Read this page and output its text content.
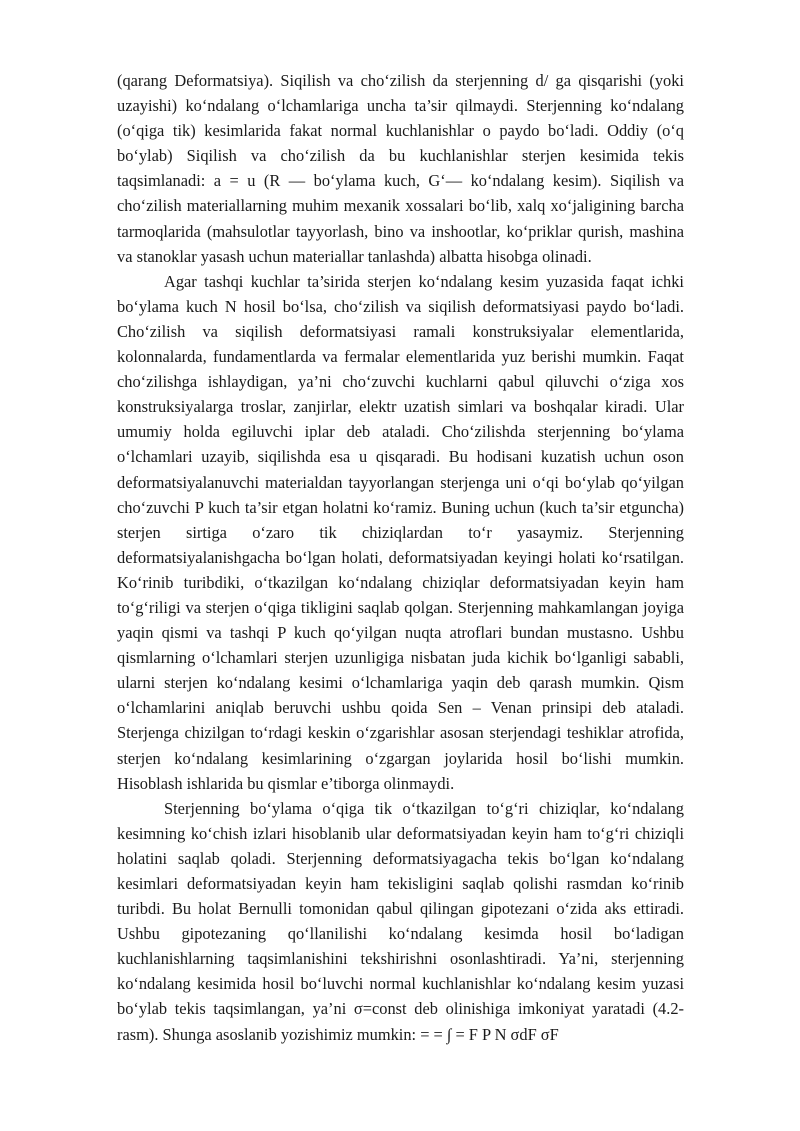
(qarang Deformatsiya). Siqilish va cho‘zilish da sterjenning d/ ga qisqarishi (yoki uzayishi) ko‘ndalang o‘lchamlariga uncha ta’sir qilmaydi. Sterjenning ko‘ndalang (o‘qiga tik) kesimlarida fakat normal kuchlanishlar o paydo bo‘ladi. Oddiy (o‘q bo‘ylab) Siqilish va cho‘zilish da bu kuchlanishlar sterjen kesimida tekis taqsimlanadi: a = u (R — bo‘ylama kuch, G‘— ko‘ndalang kesim). Siqilish va cho‘zilish materiallarning muhim mexanik xossalari bo‘lib, xalq xo‘jaligining barcha tarmoqlarida (mahsulotlar tayyorlash, bino va inshootlar, ko‘priklar qurish, mashina va stanoklar yasash uchun materiallar tanlashda) albatta hisobga olinadi.

Agar tashqi kuchlar ta’sirida sterjen ko‘ndalang kesim yuzasida faqat ichki bo‘ylama kuch N hosil bo‘lsa, cho‘zilish va siqilish deformatsiyasi paydo bo‘ladi. Cho‘zilish va siqilish deformatsiyasi ramali konstruksiyalar elementlarida, kolonnalarda, fundamentlarda va fermalar elementlarida yuz berishi mumkin. Faqat cho‘zilishga ishlaydigan, ya’ni cho‘zuvchi kuchlarni qabul qiluvchi o‘ziga xos konstruksiyalarga troslar, zanjirlar, elektr uzatish simlari va boshqalar kiradi. Ular umumiy holda egiluvchi iplar deb ataladi. Cho‘zilishda sterjenning bo‘ylama o‘lchamlari uzayib, siqilishda esa u qisqaradi. Bu hodisani kuzatish uchun oson deformatsiyalanuvchi materialdan tayyorlangan sterjenga uni o‘qi bo‘ylab qo‘yilgan cho‘zuvchi P kuch ta’sir etgan holatni ko‘ramiz. Buning uchun (kuch ta’sir etguncha) sterjen sirtiga o‘zaro tik chiziqlardan to‘r yasaymiz. Sterjenning deformatsiyalanishgacha bo‘lgan holati, deformatsiyadan keyingi holati ko‘rsatilgan. Ko‘rinib turibdiki, o‘tkazilgan ko‘ndalang chiziqlar deformatsiyadan keyin ham to‘g‘riligi va sterjen o‘qiga tikligini saqlab qolgan. Sterjenning mahkamlangan joyiga yaqin qismi va tashqi P kuch qo‘yilgan nuqta atroflari bundan mustasno. Ushbu qismlarning o‘lchamlari sterjen uzunligiga nisbatan juda kichik bo‘lganligi sababli, ularni sterjen ko‘ndalang kesimi o‘lchamlariga yaqin deb qarash mumkin. Qism o‘lchamlarini aniqlab beruvchi ushbu qoida Sen – Venan prinsipi deb ataladi. Sterjenga chizilgan to‘rdagi keskin o‘zgarishlar asosan sterjendagi teshiklar atrofida, sterjen ko‘ndalang kesimlarining o‘zgargan joylarida hosil bo‘lishi mumkin. Hisoblash ishlarida bu qismlar e’tiborga olinmaydi.

Sterjenning bo‘ylama o‘qiga tik o‘tkazilgan to‘g‘ri chiziqlar, ko‘ndalang kesimning ko‘chish izlari hisoblanib ular deformatsiyadan keyin ham to‘g‘ri chiziqli holatini saqlab qoladi. Sterjenning deformatsiyagacha tekis bo‘lgan ko‘ndalang kesimlari deformatsiyadan keyin ham tekisligini saqlab qolishi rasmdan ko‘rinib turibdi. Bu holat Bernulli tomonidan qabul qilingan gipotezani o‘zida aks ettiradi. Ushbu gipotezaning qo‘llanilishi ko‘ndalang kesimda hosil bo‘ladigan kuchlanishlarning taqsimlanishini tekshirishni osonlashtiradi. Ya’ni, sterjenning ko‘ndalang kesimida hosil bo‘luvchi normal kuchlanishlar ko‘ndalang kesim yuzasi bo‘ylab tekis taqsimlangan, ya’ni σ=const deb olinishiga imkoniyat yaratadi (4.2-rasm). Shunga asoslanib yozishimiz mumkin: = = ∫ = F P N σdF σF
